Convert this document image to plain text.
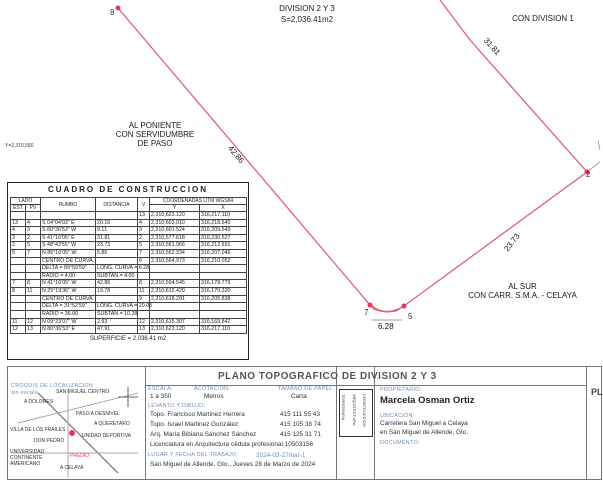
DIVISION 2 Y 3
S=2,036.41m2	CON DIVISION 1
AL PONIENTE
CON SERVIDUMBRE
DE PASO
AL SUR
CON CARR. S.M.A. - CELAYA
Y=2,310,580
31.81
42.86
23.73
6.28
2
5
7
8
CUADRO DE CONSTRUCCION
LADO		RUMBO	DISTANCIA	V	COORDENADAS UTM WGS84	
EST	PV				Y	X
				13	2,310,623.120	316,217.110
13	4	S 04°04'03" E	20.16	4	2,310,603.010	316,218.540
4	3	S 80°36'53" W	9.11	3	2,310,601.524	316,209.549
3	2	S 41°16'05" E	31.81	2	2,310,577.618	316,230.527
2	5	S 48°43'55" W	23.73	5	2,310,561.966	316,212.691
5	7	N 86°16'05" W	5.86	7	2,310,562.334	316,207.046
		CENTRO DE CURVA		6	2,310,564.973	316,210.052
		DELTA = 89°59'59"	LONG. CURVA = 6.28			
		RADIO = 4.00	SUBTAN.= 4.00			
7	8	N 41°16'05" W	42.86	8	2,310,594.545	316,178.779
8	11	N 25°19'36" W	19.78	11	2,310,612.420	316,170.320
		CENTRO DE CURVA		9	2,310,618.291	316,205.838
		DELTA = 31°52'59"	LONG. CURVA = 20.03			
		RADIO = 36.00	SUBTAN.= 10.28			
11	12	N 09°23'07" W	2.93	12	2,310,615.307	316,169.842
12	13	N 80°36'53" E	47.91	13	2,310,623.120	316,217.110
SUPERFICIE = 2,036.41 m2
PLANO TOPOGRAFICO DE DIVISION 2 Y 3
CROQUIS DE LOCALIZACION
sin escala	SAN MIGUEL CENTRO
A DOLORES
PASO A DESNIVEL
A QUERETARO
VILLA DE LOS FRAILES
UNIDAD DEPORTIVA
DON PEDRO
UNIVERSIDAD CONTINENTE AMERICANO
PREDIO
A CELAYA
ESCALA:	ACOTACION:	TAMAÑO DE PAPEL
1 a 350	Metros	Carta
LEVANTO Y DIBUJO:
Topo. Francisco Martinez Herrera	415 111 55 43
Topo. Israel Martinez González	415 105 38 74
Arq. María Bibiana Sánchez Sánchez	415 125 31 71
Licenciatura en Arquitectura cédula profesional 10503156
LUGAR Y FECHA DEL TRABAJO:	2024-03-27mar-1
San Miguel de Allende, Gto., Jueves 28 de Marzo de 2024
TOPOGRAFIA ARQUITECTURA CONSTRUCCION
PROPIETARIO:
Marcela Osman Ortiz
UBICACIÓN:
Carretera San Miguel a Celaya
en San Miguel de Allende, Gto.
DOCUMENTO:
PL
